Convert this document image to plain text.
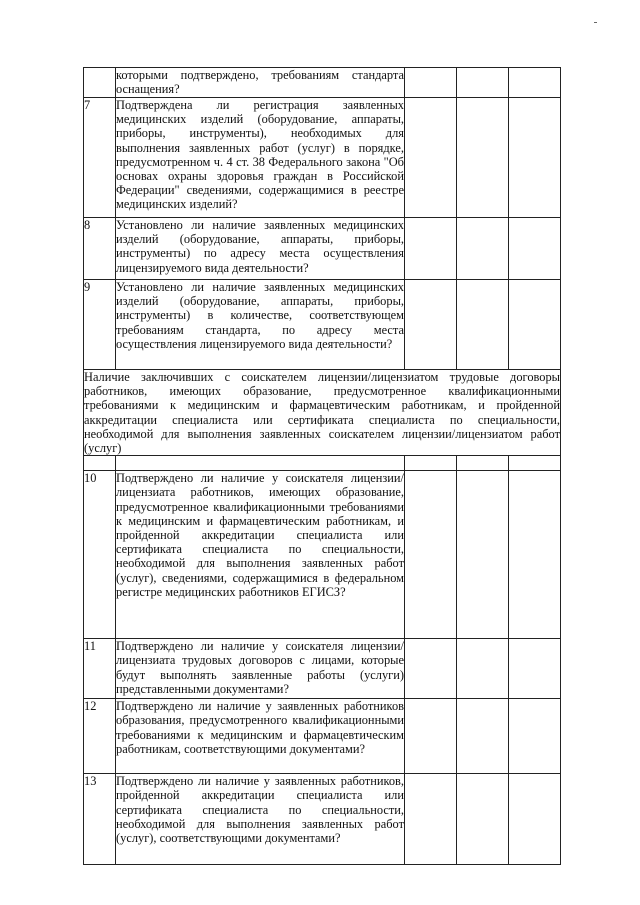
	которыми подтверждено, требованиям стандарта оснащения?			
7	Подтверждена ли регистрация заявленных медицинских изделий (оборудование, аппараты, приборы, инструменты), необходимых для выполнения заявленных работ (услуг) в порядке, предусмотренном ч. 4 ст. 38 Федерального закона "Об основах охраны здоровья граждан в Российской Федерации" сведениями, содержащимися в реестре медицинских изделий?			
8	Установлено ли наличие заявленных медицинских изделий (оборудование, аппараты, приборы, инструменты) по адресу места осуществления лицензируемого вида деятельности?			
9	Установлено ли наличие заявленных медицинских изделий (оборудование, аппараты, приборы, инструменты) в количестве, соответствующем требованиям стандарта, по адресу места осуществления лицензируемого вида деятельности?			
Наличие заключивших с соискателем лицензии/лицензиатом трудовые договоры работников, имеющих образование, предусмотренное квалификационными требованиями к медицинским и фармацевтическим работникам, и пройденной аккредитации специалиста или сертификата специалиста по специальности, необходимой для выполнения заявленных соискателем лицензии/лицензиатом работ (услуг)				

10	Подтверждено ли наличие у соискателя лицензии/лицензиата работников, имеющих образование, предусмотренное квалификационными требованиями к медицинским и фармацевтическим работникам, и пройденной аккредитации специалиста или сертификата специалиста по специальности, необходимой для выполнения заявленных работ (услуг), сведениями, содержащимися в федеральном регистре медицинских работников ЕГИСЗ?			
11	Подтверждено ли наличие у соискателя лицензии/лицензиата трудовых договоров с лицами, которые будут выполнять заявленные работы (услуги) представленными документами?			
12	Подтверждено ли наличие у заявленных работников образования, предусмотренного квалификационными требованиями к медицинским и фармацевтическим работникам, соответствующими документами?			
13	Подтверждено ли наличие у заявленных работников, пройденной аккредитации специалиста или сертификата специалиста по специальности, необходимой для выполнения заявленных работ (услуг), соответствующими документами?			
